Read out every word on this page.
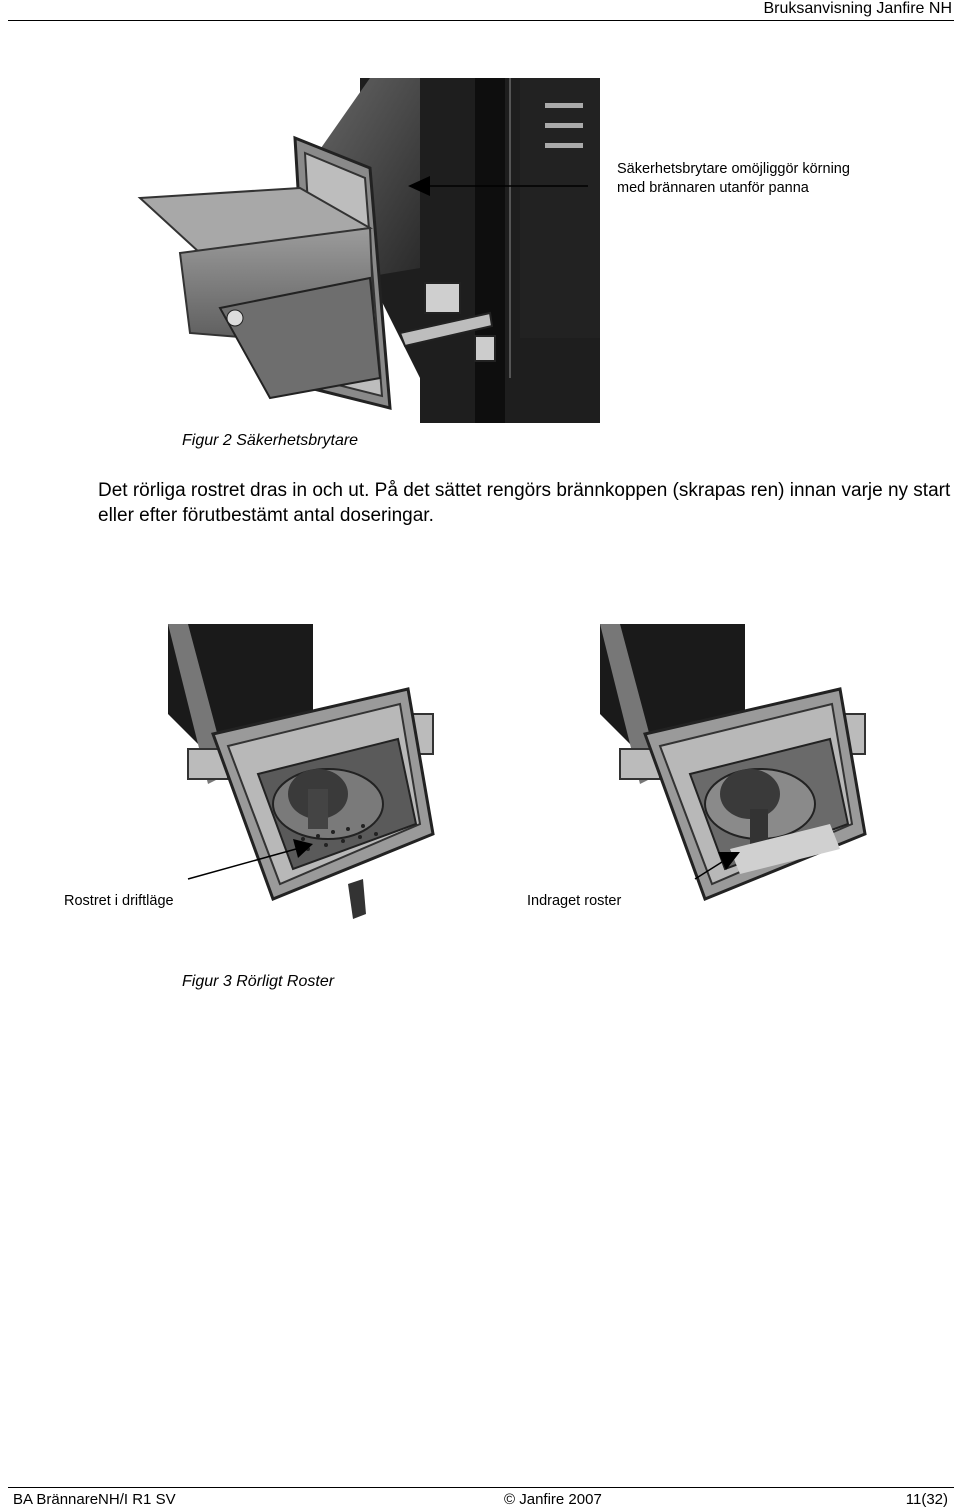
Bruksanvisning Janfire NH
Säkerhetsbrytare omöjliggör körning med brännaren utanför panna
Figur 2 Säkerhetsbrytare
Det rörliga rostret dras in och ut. På det sättet rengörs brännkoppen (skrapas ren) innan varje ny start eller efter förutbestämt antal doseringar.
Rostret i driftläge	Indraget roster
Figur 3 Rörligt Roster
BA BrännareNH/I R1 SV	© Janfire 2007	11(32)
